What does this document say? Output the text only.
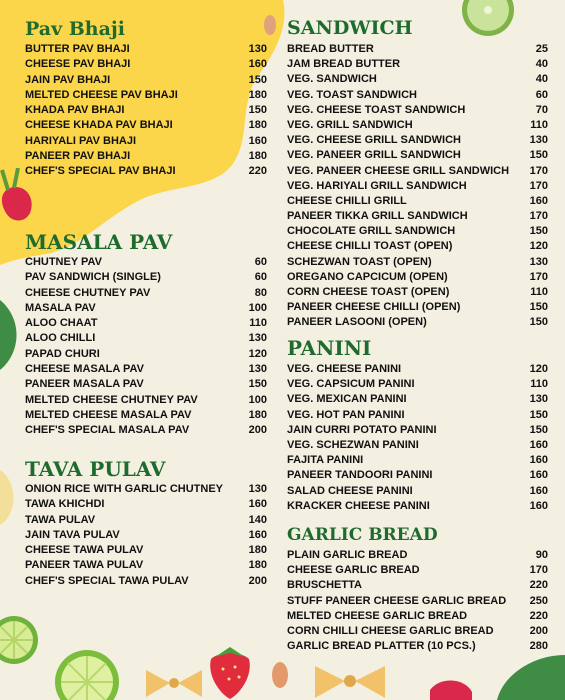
Pav Bhaji
BUTTER PAV BHAJI	130
CHEESE PAV BHAJI	160
JAIN PAV BHAJI	150
MELTED CHEESE PAV BHAJI	180
KHADA PAV BHAJI	150
CHEESE KHADA PAV BHAJI	180
HARIYALI PAV BHAJI	160
PANEER PAV BHAJI	180
CHEF'S SPECIAL PAV BHAJI	220
MASALA PAV
CHUTNEY PAV	60
PAV SANDWICH (SINGLE)	60
CHEESE CHUTNEY PAV	80
MASALA PAV	100
ALOO CHAAT	110
ALOO CHILLI	130
PAPAD CHURI	120
CHEESE MASALA PAV	130
PANEER MASALA PAV	150
MELTED CHEESE CHUTNEY PAV	100
MELTED CHEESE MASALA PAV	180
CHEF'S SPECIAL MASALA PAV	200
TAVA PULAV
ONION RICE WITH GARLIC CHUTNEY 130
TAWA KHICHDI	160
TAWA PULAV	140
JAIN TAVA PULAV	160
CHEESE TAWA PULAV	180
PANEER TAWA PULAV	180
CHEF'S SPECIAL TAWA PULAV	200
SANDWICH
BREAD BUTTER	25
JAM BREAD BUTTER	40
VEG. SANDWICH	40
VEG. TOAST SANDWICH	60
VEG. CHEESE TOAST SANDWICH	70
VEG. GRILL SANDWICH	110
VEG. CHEESE GRILL SANDWICH	130
VEG. PANEER GRILL SANDWICH	150
VEG. PANEER CHEESE GRILL SANDWICH 170
VEG. HARIYALI GRILL SANDWICH	170
CHEESE CHILLI GRILL	160
PANEER TIKKA GRILL SANDWICH	170
CHOCOLATE GRILL SANDWICH	150
CHEESE CHILLI TOAST (OPEN)	120
SCHEZWAN TOAST (OPEN)	130
OREGANO CAPCICUM (OPEN)	170
CORN CHEESE TOAST (OPEN)	110
PANEER CHEESE CHILLI (OPEN)	150
PANEER LASOONI (OPEN)	150
PANINI
VEG. CHEESE PANINI	120
VEG. CAPSICUM PANINI	110
VEG. MEXICAN PANINI	130
VEG. HOT PAN PANINI	150
JAIN CURRI POTATO PANINI	150
VEG. SCHEZWAN PANINI	160
FAJITA PANINI	160
PANEER TANDOORI PANINI	160
SALAD CHEESE PANINI	160
KRACKER CHEESE PANINI	160
GARLIC BREAD
PLAIN GARLIC BREAD	90
CHEESE GARLIC BREAD	170
BRUSCHETTA	220
STUFF PANEER CHEESE GARLIC BREAD 250
MELTED CHEESE GARLIC BREAD	220
CORN CHILLI CHEESE GARLIC BREAD	200
GARLIC BREAD PLATTER (10 PCS.)	280
